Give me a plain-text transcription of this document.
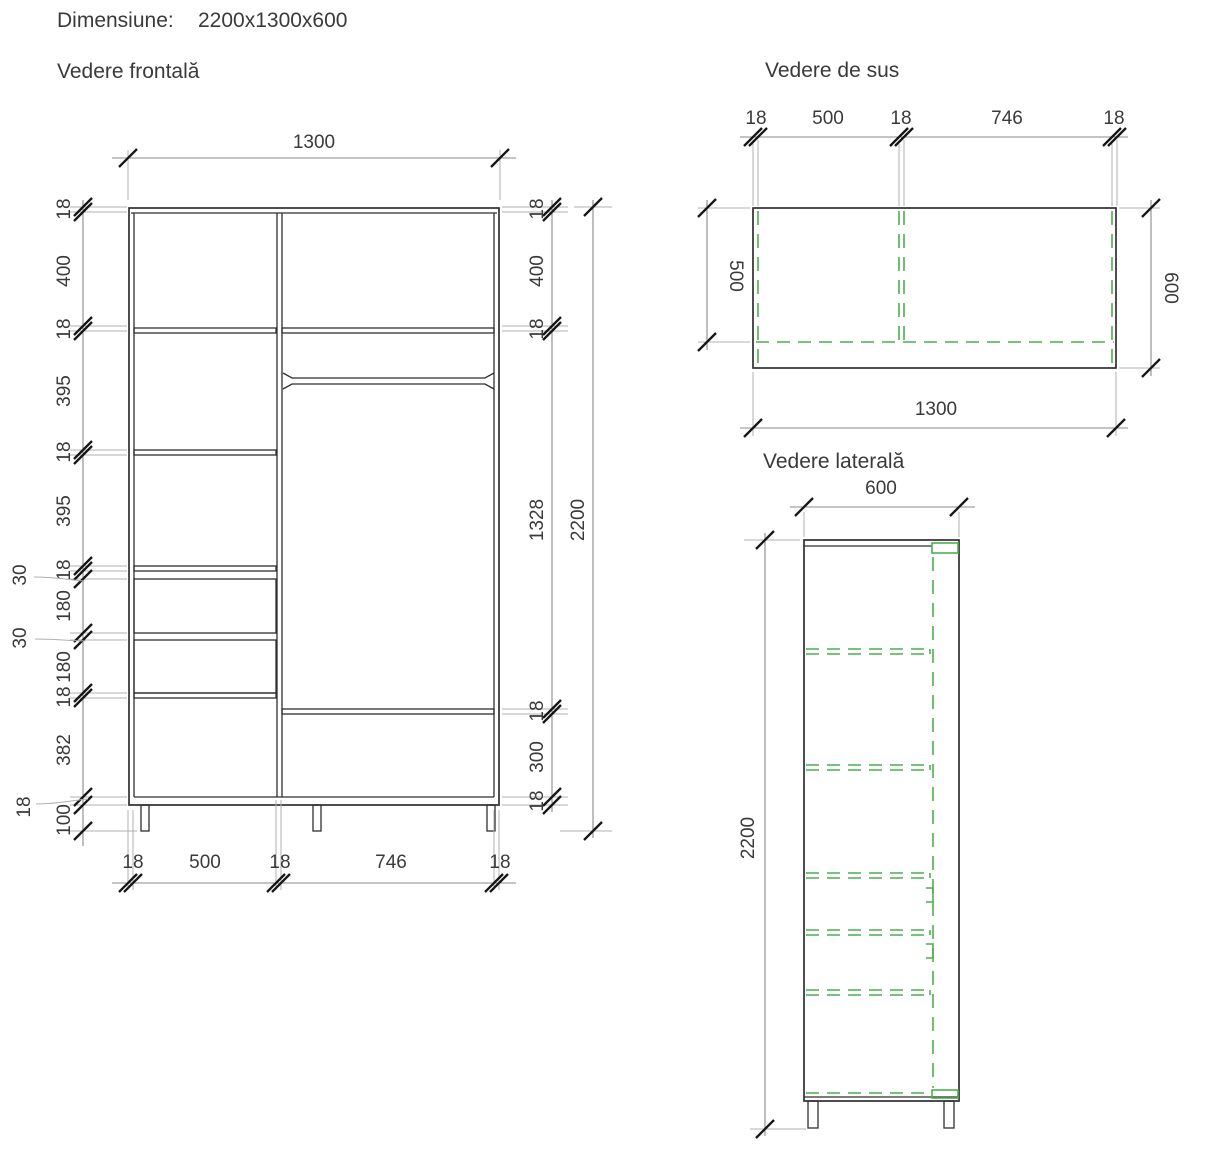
Dimensiune: 2200x1300x600
Vedere frontală
1300
18
400
18
395
18
395
18
180
180
18
382
100
30
30
18
18
400
18
1328
18
300
18
2200
18 500	18	746	18
Vedere de sus
18 500 18	746	18
500	600
1300
Vedere laterală
600
2200
